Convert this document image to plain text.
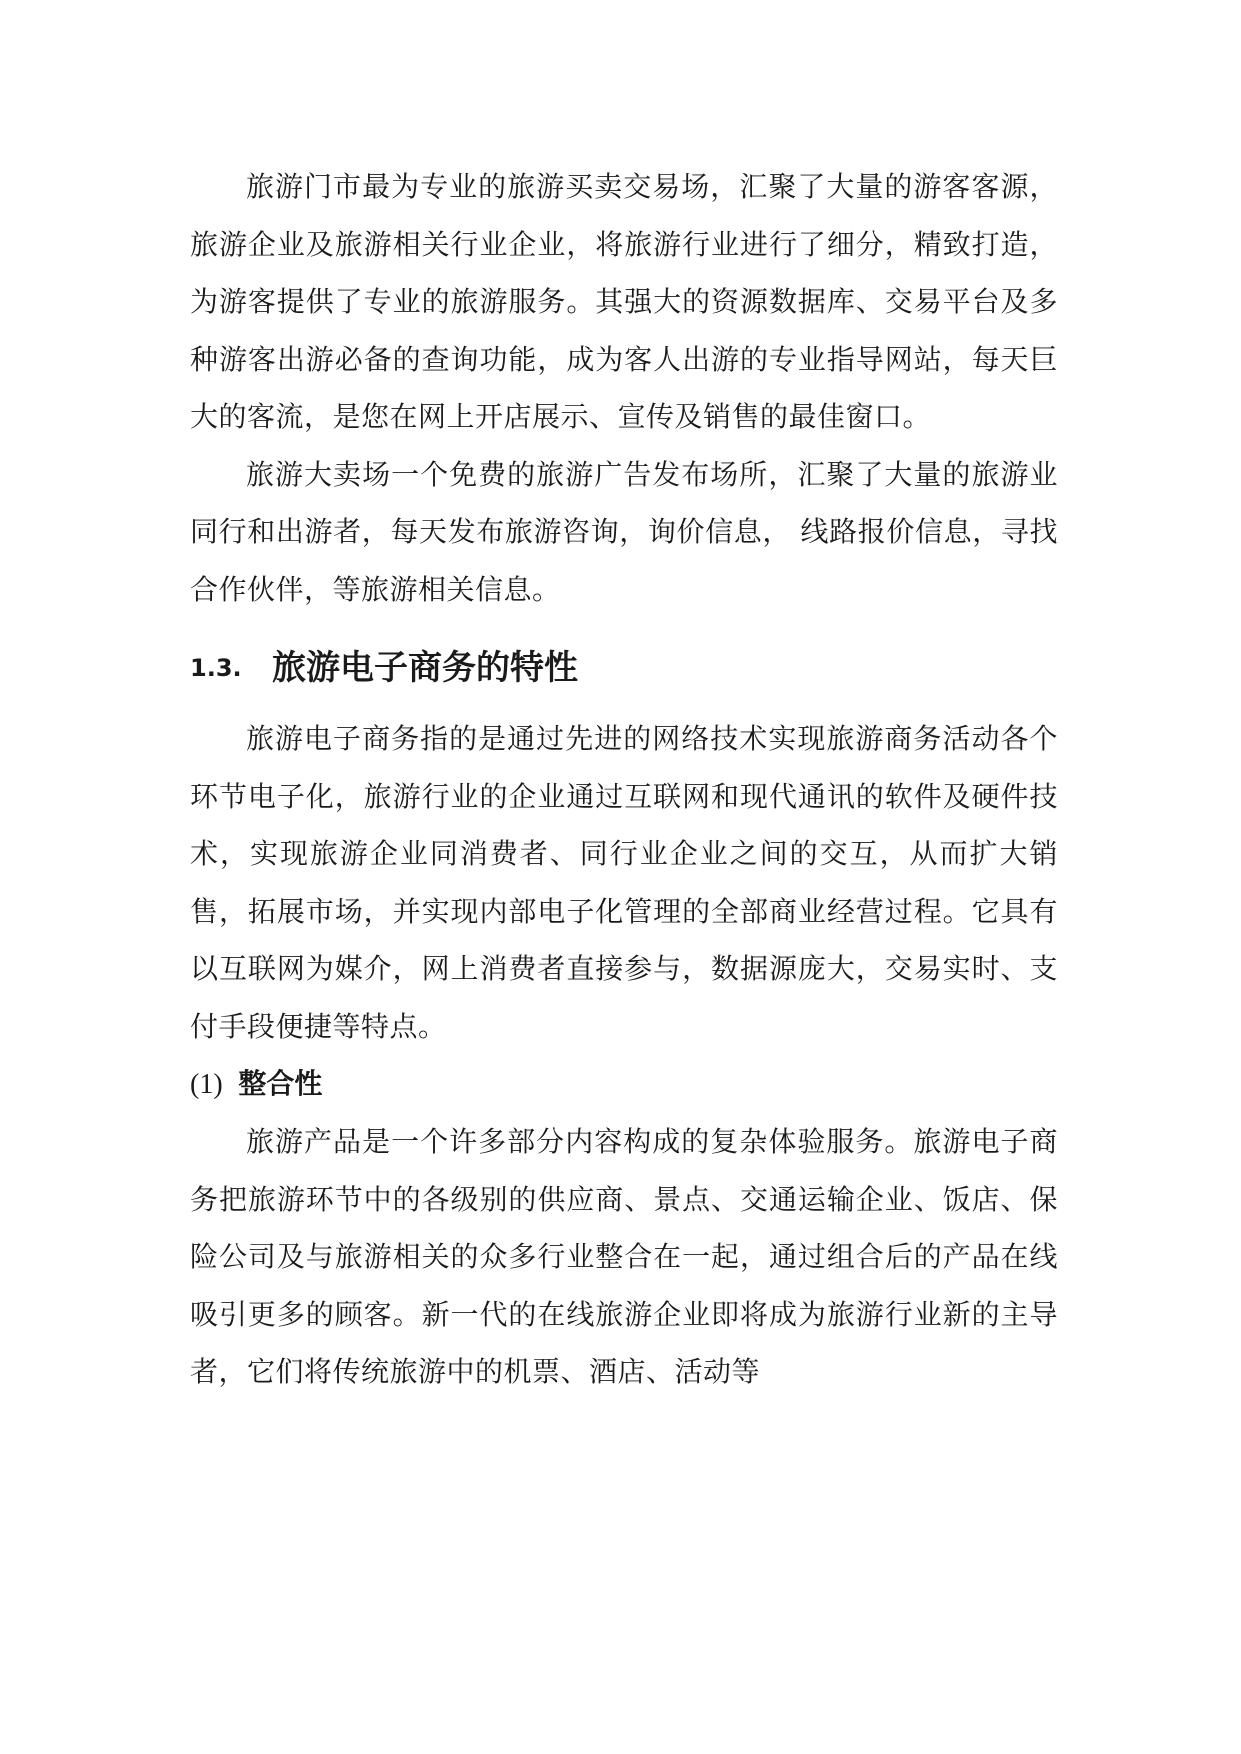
旅游门市最为专业的旅游买卖交易场，汇聚了大量的游客客源，旅游企业及旅游相关行业企业，将旅游行业进行了细分，精致打造，为游客提供了专业的旅游服务。其强大的资源数据库、交易平台及多种游客出游必备的查询功能，成为客人出游的专业指导网站，每天巨大的客流，是您在网上开店展示、宣传及销售的最佳窗口。

旅游大卖场一个免费的旅游广告发布场所，汇聚了大量的旅游业同行和出游者，每天发布旅游咨询，询价信息， 线路报价信息，寻找合作伙伴，等旅游相关信息。

1.3. 旅游电子商务的特性

旅游电子商务指的是通过先进的网络技术实现旅游商务活动各个环节电子化，旅游行业的企业通过互联网和现代通讯的软件及硬件技术，实现旅游企业同消费者、同行业企业之间的交互，从而扩大销售，拓展市场，并实现内部电子化管理的全部商业经营过程。它具有以互联网为媒介，网上消费者直接参与，数据源庞大，交易实时、支付手段便捷等特点。

(1) 整合性

旅游产品是一个许多部分内容构成的复杂体验服务。旅游电子商务把旅游环节中的各级别的供应商、景点、交通运输企业、饭店、保险公司及与旅游相关的众多行业整合在一起，通过组合后的产品在线吸引更多的顾客。新一代的在线旅游企业即将成为旅游行业新的主导者，它们将传统旅游中的机票、酒店、活动等
